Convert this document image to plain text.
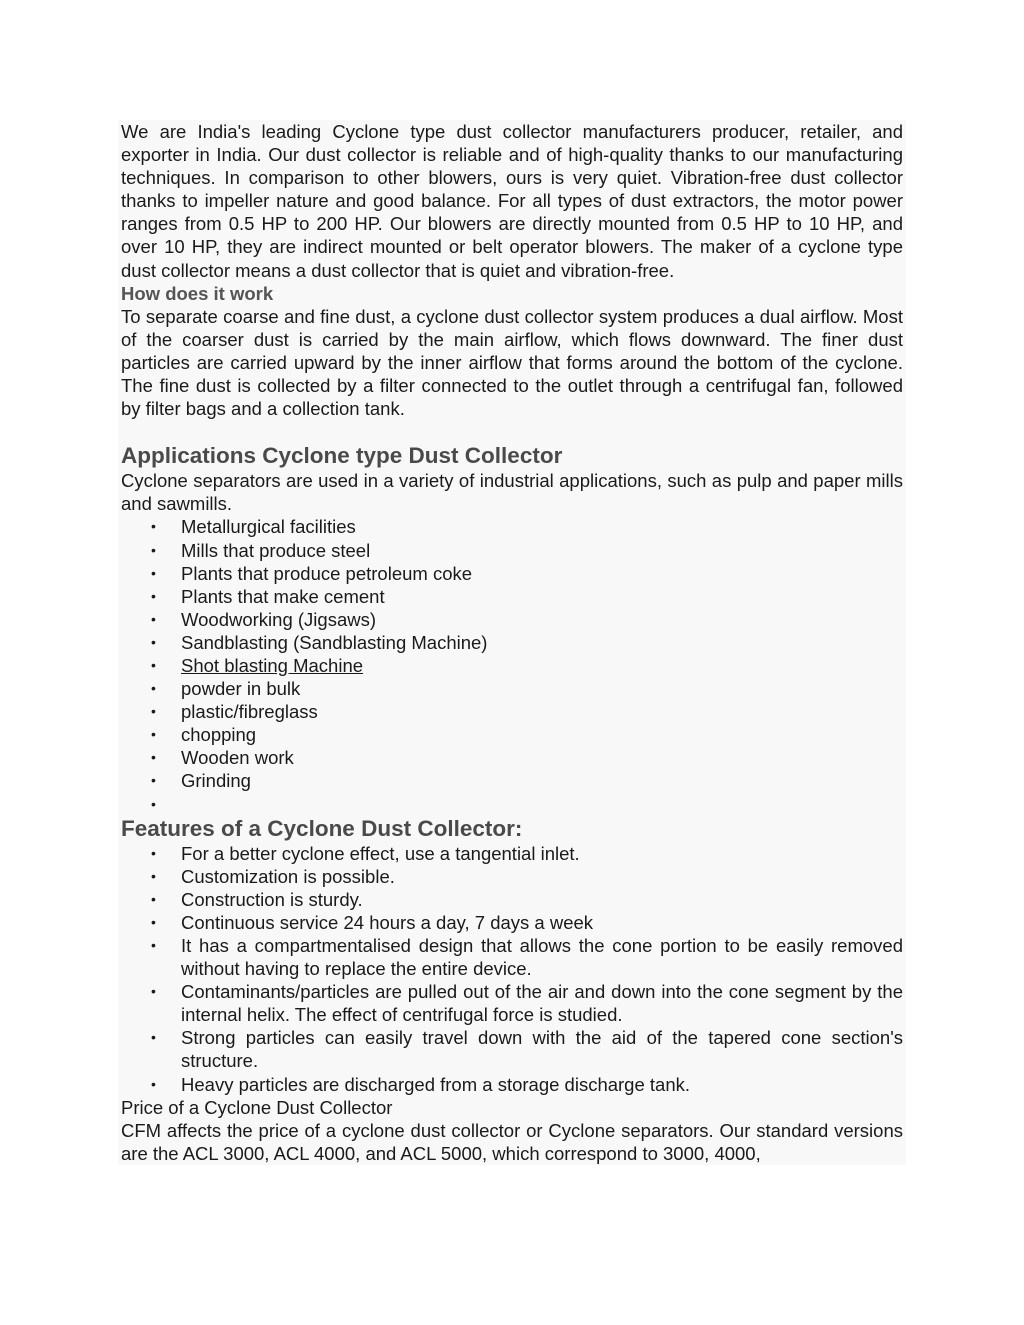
We are India's leading Cyclone type dust collector manufacturers producer, retailer, and exporter in India. Our dust collector is reliable and of high-quality thanks to our manufacturing techniques. In comparison to other blowers, ours is very quiet. Vibration-free dust collector thanks to impeller nature and good balance. For all types of dust extractors, the motor power ranges from 0.5 HP to 200 HP. Our blowers are directly mounted from 0.5 HP to 10 HP, and over 10 HP, they are indirect mounted or belt operator blowers. The maker of a cyclone type dust collector means a dust collector that is quiet and vibration-free.

How does it work

To separate coarse and fine dust, a cyclone dust collector system produces a dual airflow. Most of the coarser dust is carried by the main airflow, which flows downward. The finer dust particles are carried upward by the inner airflow that forms around the bottom of the cyclone. The fine dust is collected by a filter connected to the outlet through a centrifugal fan, followed by filter bags and a collection tank.

Applications Cyclone type Dust Collector

Cyclone separators are used in a variety of industrial applications, such as pulp and paper mills and sawmills.

• Metallurgical facilities
• Mills that produce steel
• Plants that produce petroleum coke
• Plants that make cement
• Woodworking (Jigsaws)
• Sandblasting (Sandblasting Machine)
• Shot blasting Machine
• powder in bulk
• plastic/fibreglass
• chopping
• Wooden work
• Grinding
•

Features of a Cyclone Dust Collector:
• For a better cyclone effect, use a tangential inlet.
• Customization is possible.
• Construction is sturdy.
• Continuous service 24 hours a day, 7 days a week
• It has a compartmentalised design that allows the cone portion to be easily removed without having to replace the entire device.
• Contaminants/particles are pulled out of the air and down into the cone segment by the internal helix. The effect of centrifugal force is studied.
• Strong particles can easily travel down with the aid of the tapered cone section's structure.
• Heavy particles are discharged from a storage discharge tank.

Price of a Cyclone Dust Collector

CFM affects the price of a cyclone dust collector or Cyclone separators. Our standard versions are the ACL 3000, ACL 4000, and ACL 5000, which correspond to 3000, 4000,
